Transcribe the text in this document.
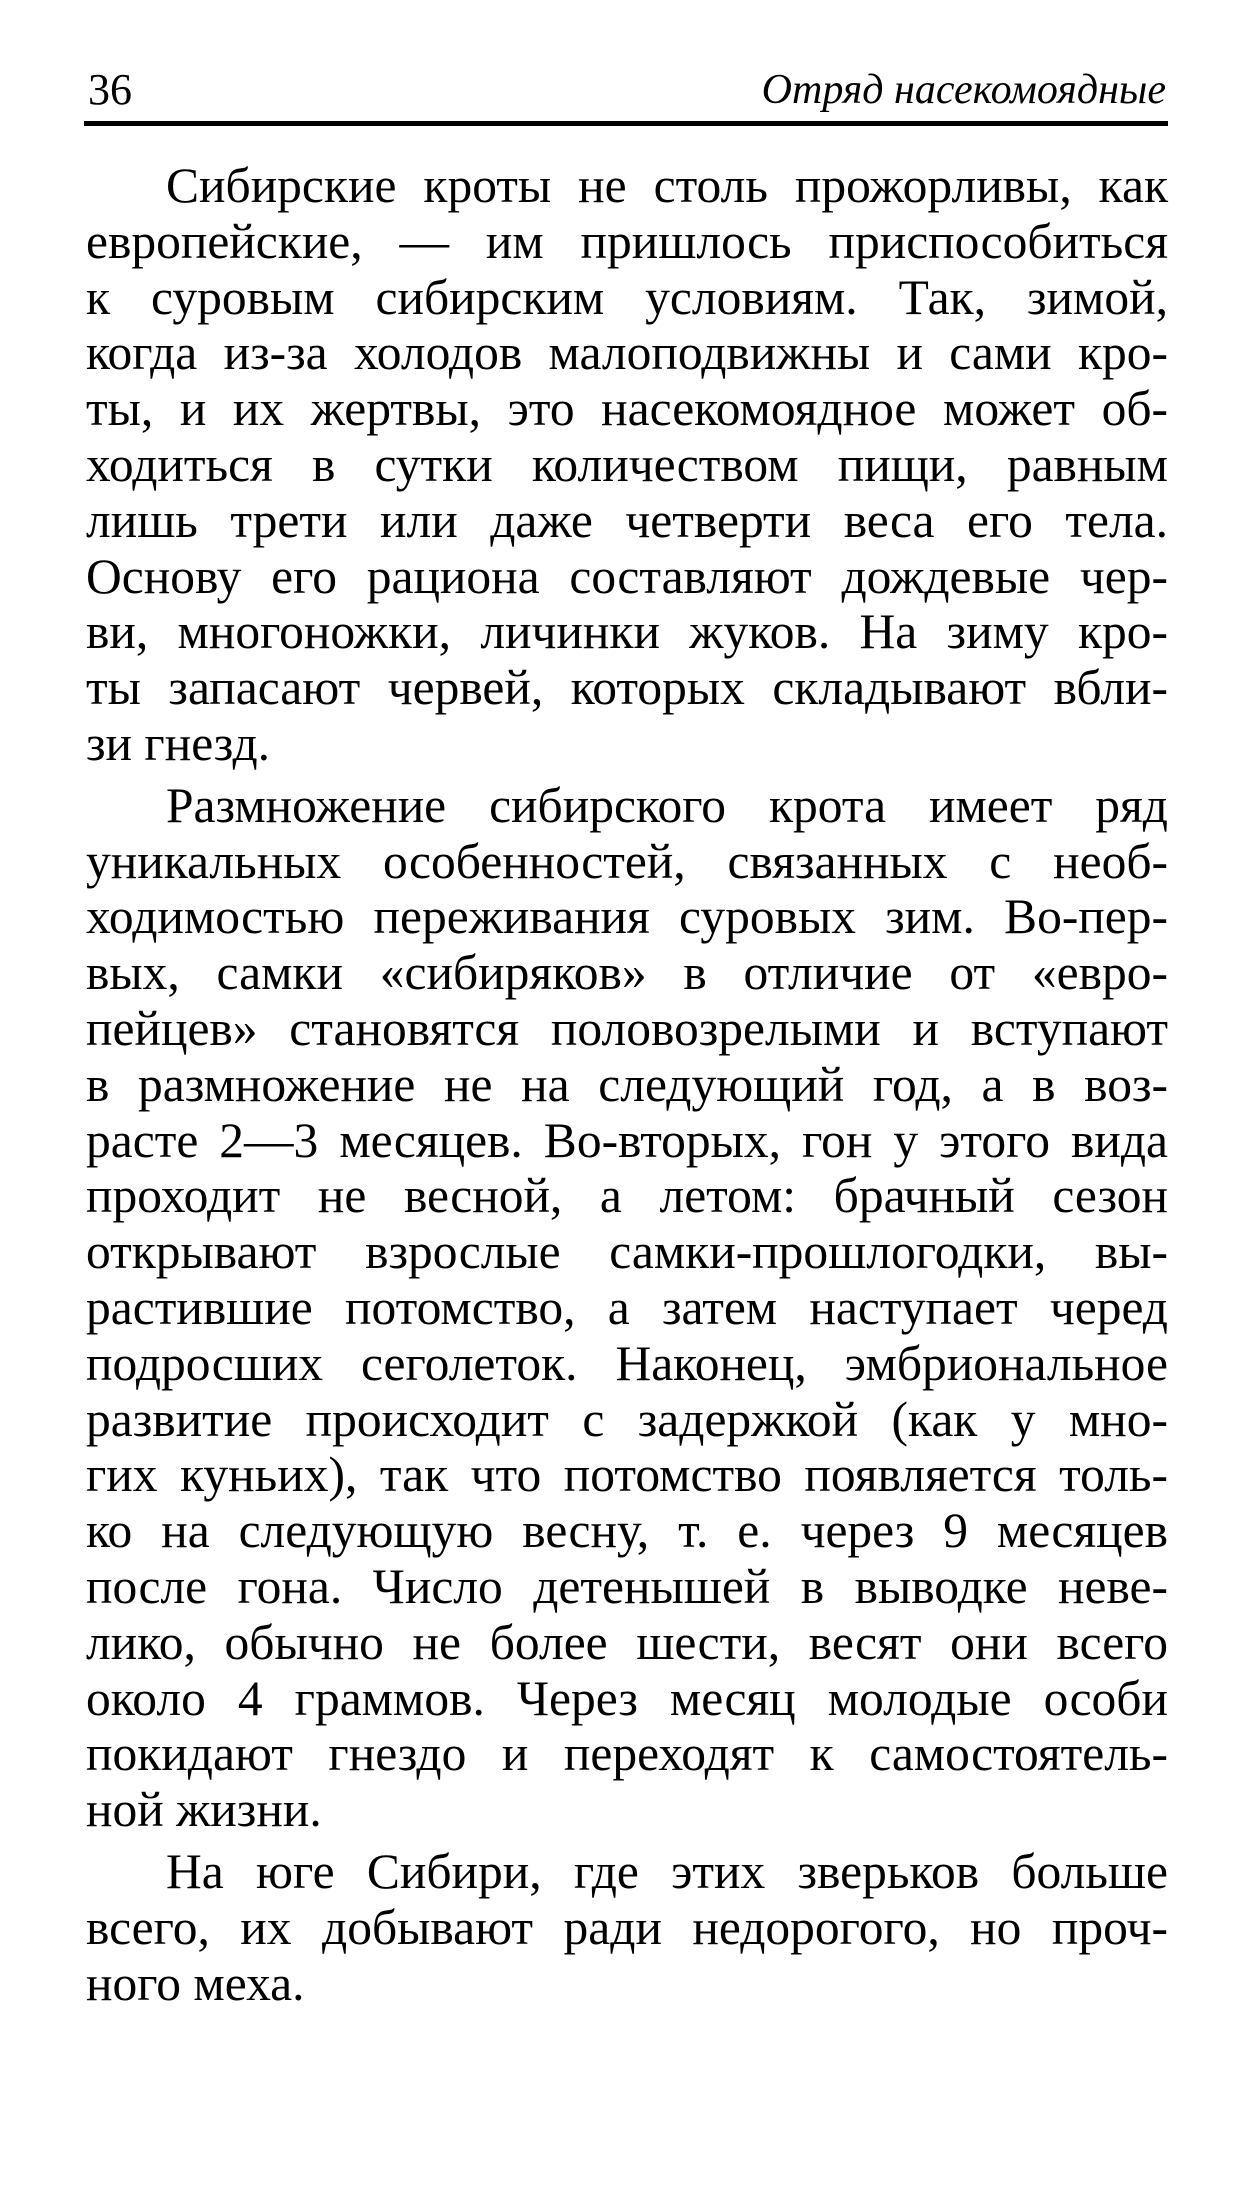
36	Отряд насекомоядные
Сибирские кроты не столь прожорливы, как
европейские, — им пришлось приспособиться
к суровым сибирским условиям. Так, зимой,
когда из-за холодов малоподвижны и сами кро-
ты, и их жертвы, это насекомоядное может об-
ходиться в сутки количеством пищи, равным
лишь трети или даже четверти веса его тела.
Основу его рациона составляют дождевые чер-
ви, многоножки, личинки жуков. На зиму кро-
ты запасают червей, которых складывают вбли-
зи гнезд.
Размножение сибирского крота имеет ряд
уникальных особенностей, связанных с необ-
ходимостью переживания суровых зим. Во-пер-
вых, самки «сибиряков» в отличие от «евро-
пейцев» становятся половозрелыми и вступают
в размножение не на следующий год, а в воз-
расте 2—3 месяцев. Во-вторых, гон у этого вида
проходит не весной, а летом: брачный сезон
открывают взрослые самки-прошлогодки, вы-
растившие потомство, а затем наступает черед
подросших сеголеток. Наконец, эмбриональное
развитие происходит с задержкой (как у мно-
гих куньих), так что потомство появляется толь-
ко на следующую весну, т. е. через 9 месяцев
после гона. Число детенышей в выводке неве-
лико, обычно не более шести, весят они всего
около 4 граммов. Через месяц молодые особи
покидают гнездо и переходят к самостоятель-
ной жизни.
На юге Сибири, где этих зверьков больше
всего, их добывают ради недорогого, но проч-
ного меха.
